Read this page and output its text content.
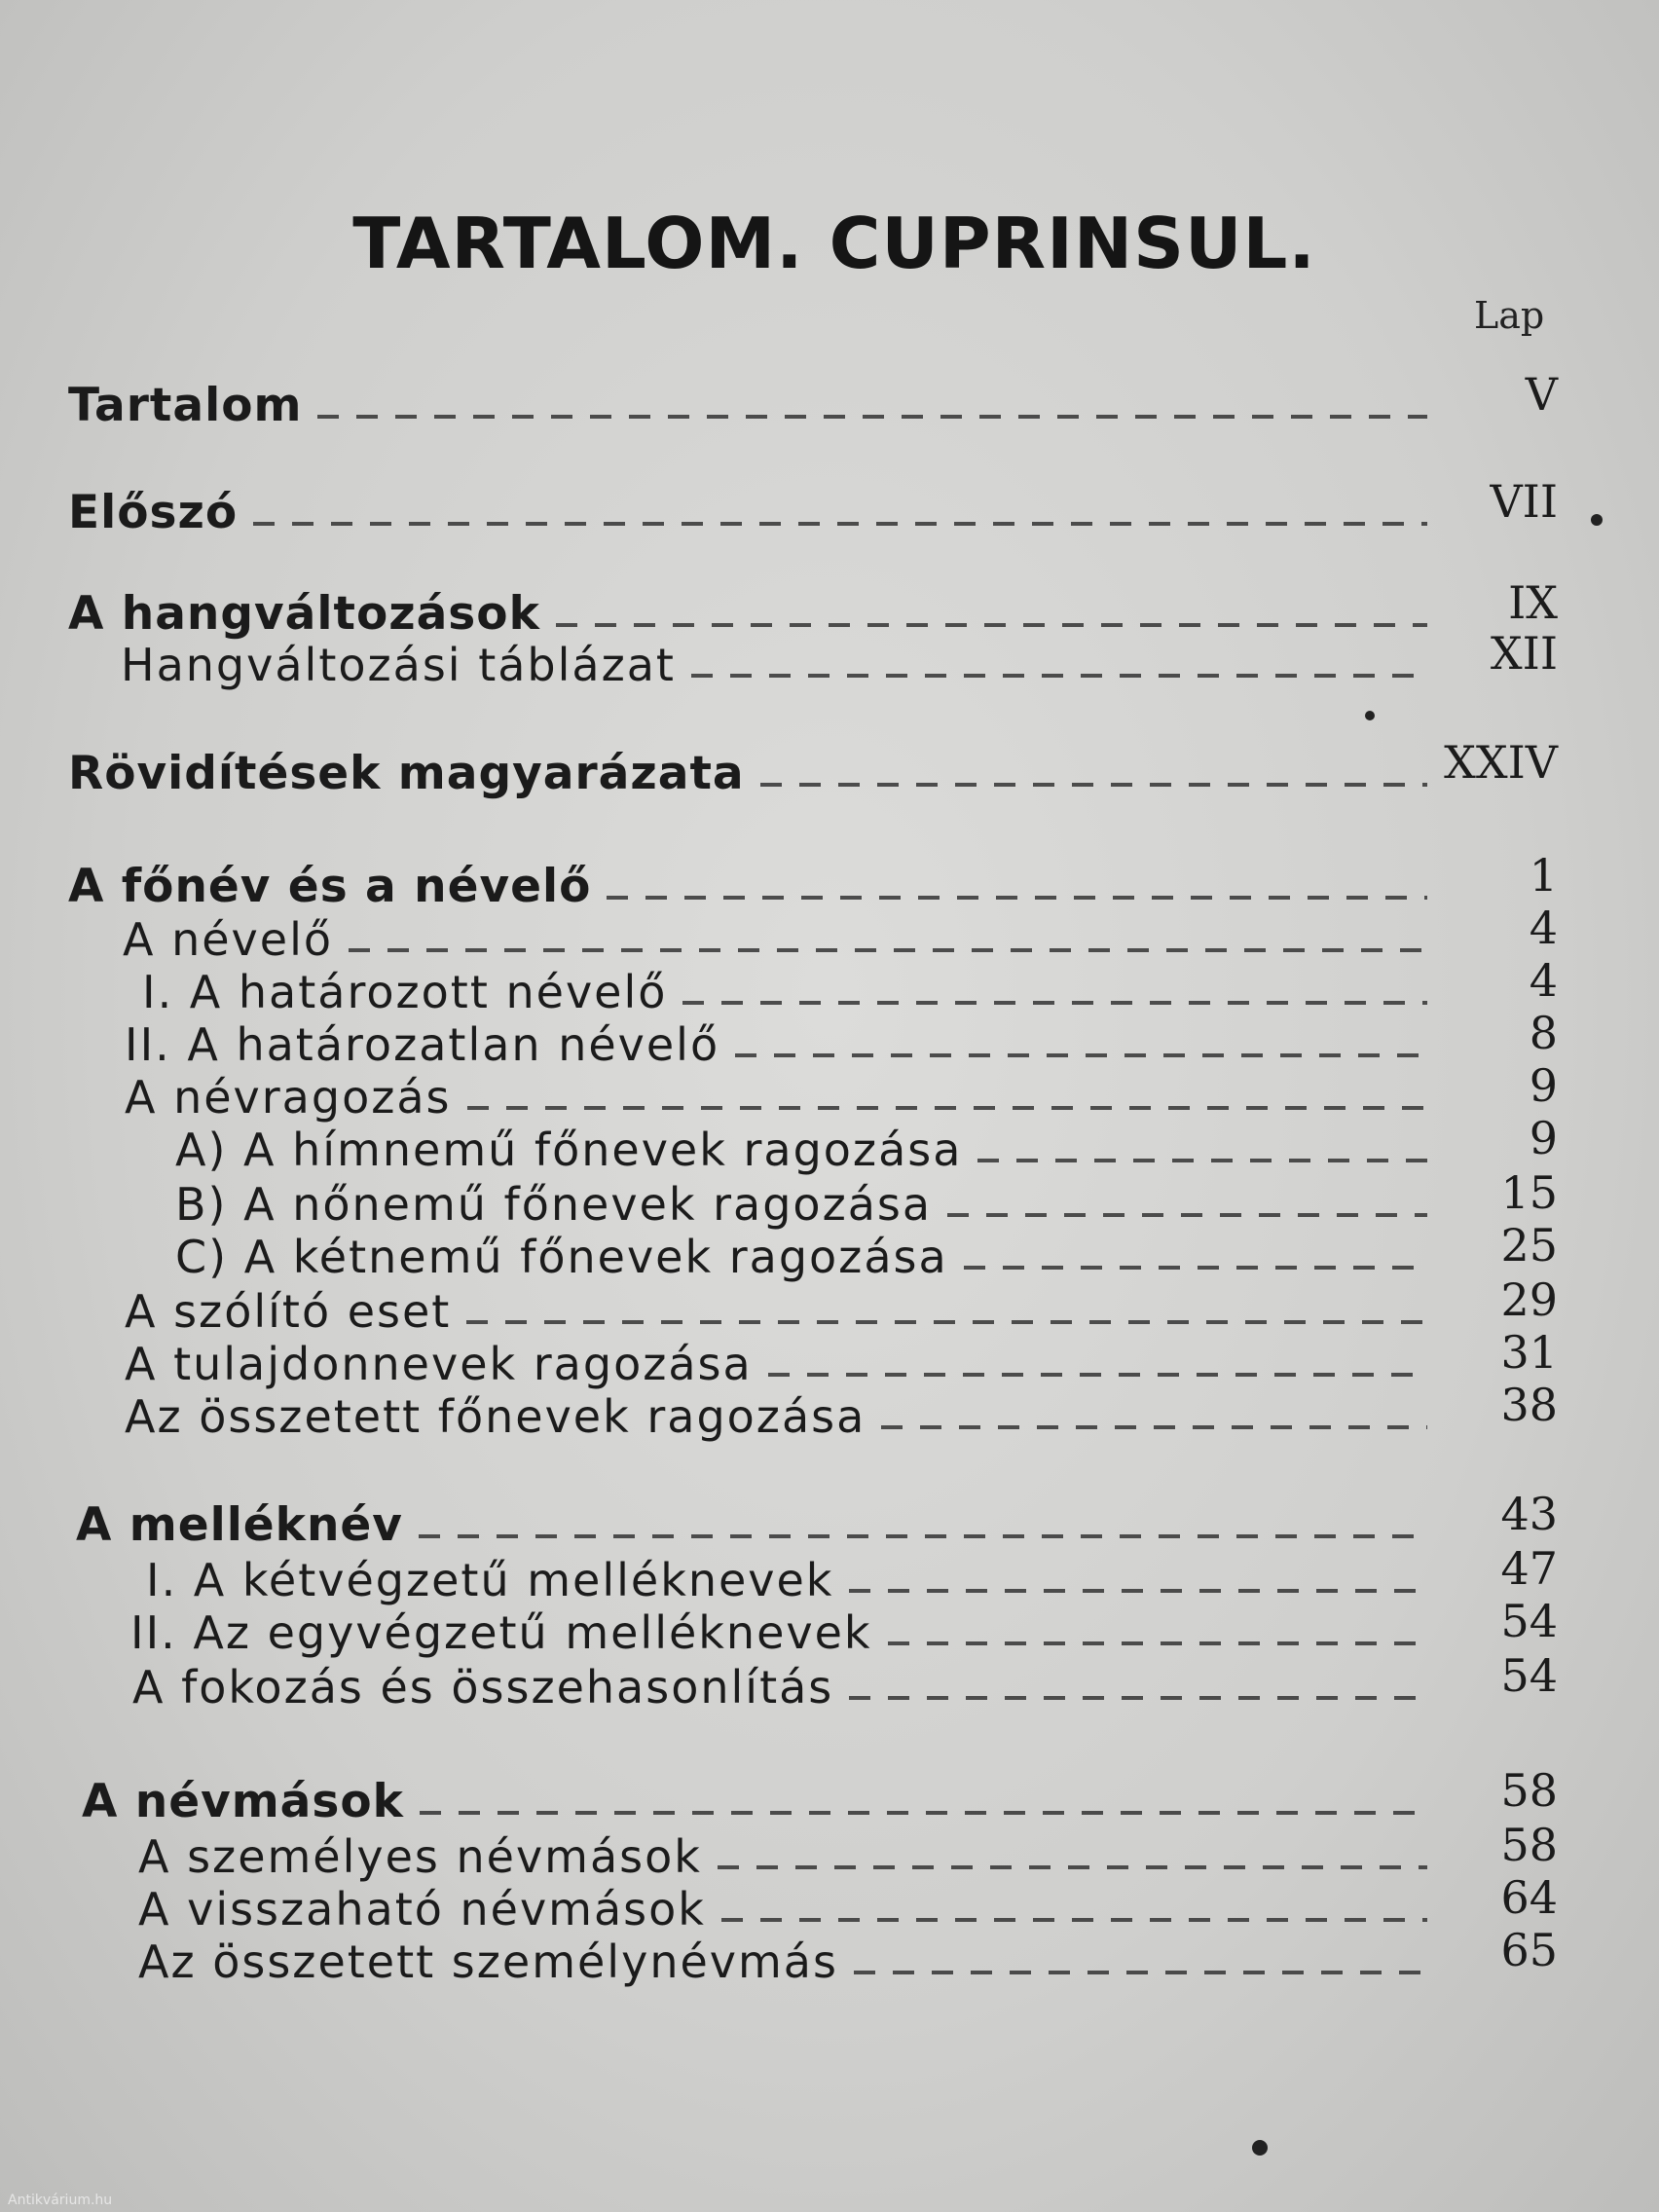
TARTALOM. CUPRINSUL.
Lap
Tartalom	V
Előszó	VII
A hangváltozások	IX
Hangváltozási táblázat	XII
Rövidítések magyarázata	XXIV
A főnév és a névelő	1
A névelő	4
I. A határozott névelő	4
II. A határozatlan névelő	8
A névragozás	9
A) A hímnemű főnevek ragozása	9
B) A nőnemű főnevek ragozása	15
C) A kétnemű főnevek ragozása	25
A szólító eset	29
A tulajdonnevek ragozása	31
Az összetett főnevek ragozása	38
A melléknév	43
I. A kétvégzetű melléknevek	47
II. Az egyvégzetű melléknevek	54
A fokozás és összehasonlítás	54
A névmások	58
A személyes névmások	58
A visszaható névmások	64
Az összetett személynévmás	65
Antikvárium.hu
